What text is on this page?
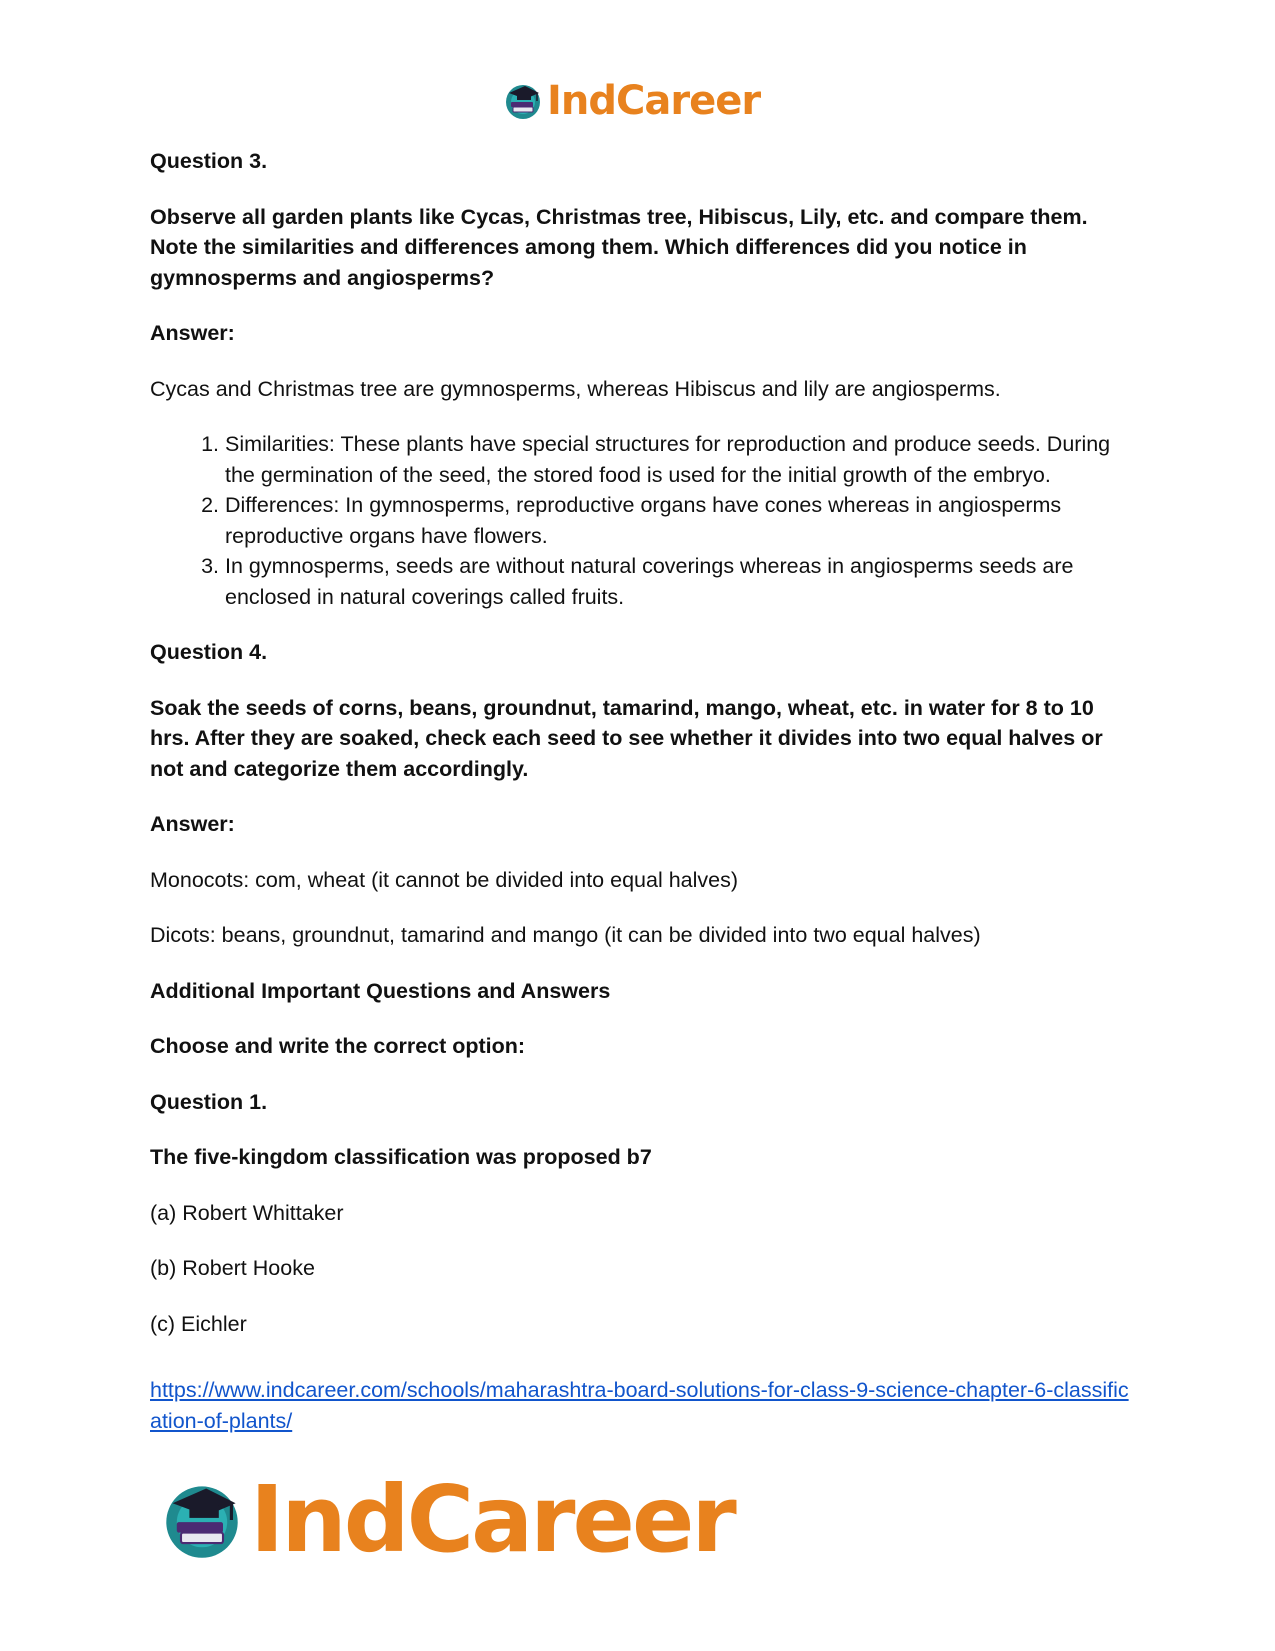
IndCareer

Question 3.

Observe all garden plants like Cycas, Christmas tree, Hibiscus, Lily, etc. and compare them. Note the similarities and differences among them. Which differences did you notice in gymnosperms and angiosperms?

Answer:

Cycas and Christmas tree are gymnosperms, whereas Hibiscus and lily are angiosperms.

1. Similarities: These plants have special structures for reproduction and produce seeds. During the germination of the seed, the stored food is used for the initial growth of the embryo.
2. Differences: In gymnosperms, reproductive organs have cones whereas in angiosperms reproductive organs have flowers.
3. In gymnosperms, seeds are without natural coverings whereas in angiosperms seeds are enclosed in natural coverings called fruits.

Question 4.

Soak the seeds of corns, beans, groundnut, tamarind, mango, wheat, etc. in water for 8 to 10 hrs. After they are soaked, check each seed to see whether it divides into two equal halves or not and categorize them accordingly.

Answer:

Monocots: com, wheat (it cannot be divided into equal halves)

Dicots: beans, groundnut, tamarind and mango (it can be divided into two equal halves)

Additional Important Questions and Answers

Choose and write the correct option:

Question 1.

The five-kingdom classification was proposed b7

(a) Robert Whittaker

(b) Robert Hooke

(c) Eichler

https://www.indcareer.com/schools/maharashtra-board-solutions-for-class-9-science-chapter-6-classification-of-plants/

IndCareer
